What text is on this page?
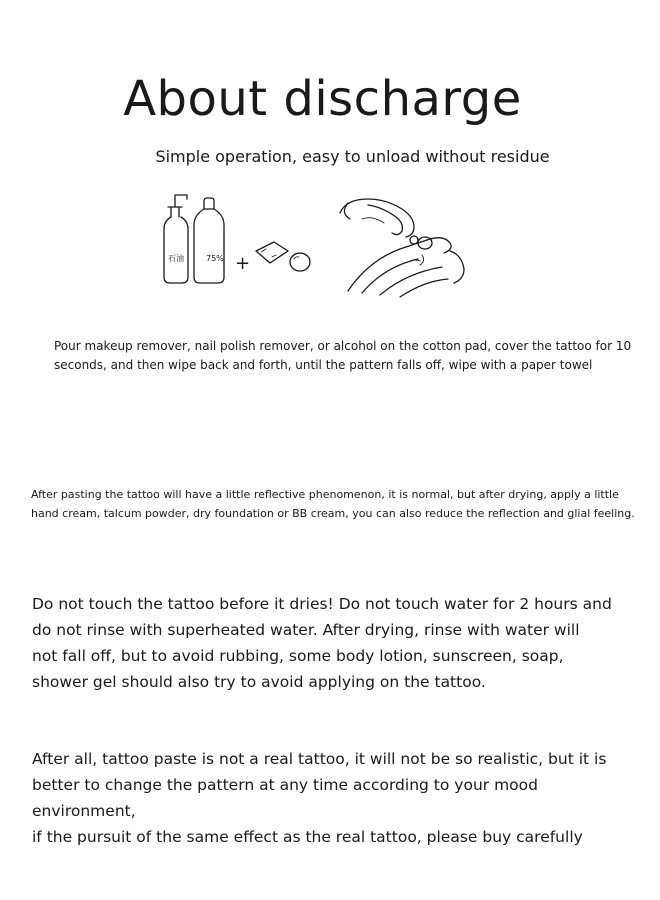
About discharge

Simple operation, easy to unload without residue

石油	75% +

Pour makeup remover, nail polish remover, or alcohol on the cotton pad, cover the tattoo for 10
seconds, and then wipe back and forth, until the pattern falls off, wipe with a paper towel

After pasting the tattoo will have a little reflective phenomenon, it is normal, but after drying, apply a little
hand cream, talcum powder, dry foundation or BB cream, you can also reduce the reflection and glial feeling.

Do not touch the tattoo before it dries! Do not touch water for 2 hours and
do not rinse with superheated water. After drying, rinse with water will
not fall off, but to avoid rubbing, some body lotion, sunscreen, soap,
shower gel should also try to avoid applying on the tattoo.

After all, tattoo paste is not a real tattoo, it will not be so realistic, but it is
better to change the pattern at any time according to your mood environment,
if the pursuit of the same effect as the real tattoo, please buy carefully
